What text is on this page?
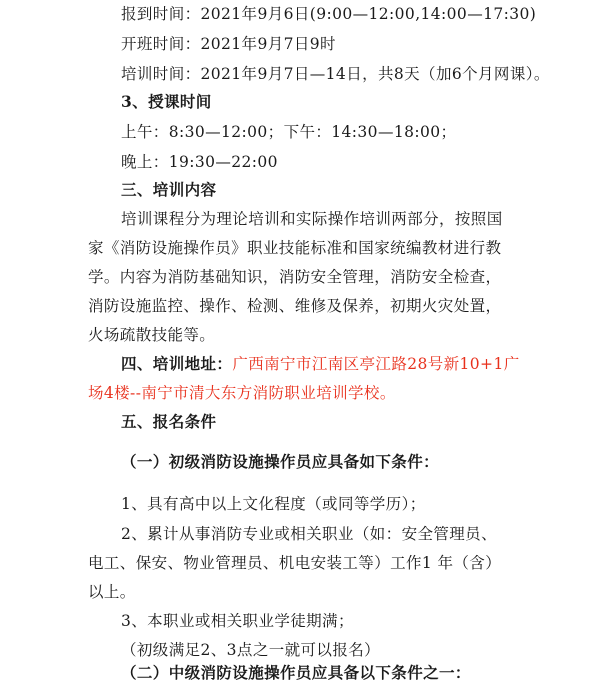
报到时间：2021年9月6日(9:00—12:00,14:00—17:30)
开班时间：2021年9月7日9时
培训时间：2021年9月7日—14日，共8天（加6个月网课）。
3、授课时间
上午：8:30—12:00；下午：14:30—18:00；
晚上：19:30—22:00
三、培训内容
培训课程分为理论培训和实际操作培训两部分，按照国
家《消防设施操作员》职业技能标准和国家统编教材进行教
学。内容为消防基础知识，消防安全管理，消防安全检查，
消防设施监控、操作、检测、维修及保养，初期火灾处置，
火场疏散技能等。
四、培训地址：广西南宁市江南区亭江路28号新10+1广
场4楼--南宁市清大东方消防职业培训学校。
五、报名条件
（一）初级消防设施操作员应具备如下条件：
1、具有高中以上文化程度（或同等学历）；
2、累计从事消防专业或相关职业（如：安全管理员、
电工、保安、物业管理员、机电安装工等）工作1 年（含）
以上。
3、本职业或相关职业学徒期满；
（初级满足2、3点之一就可以报名）
（二）中级消防设施操作员应具备以下条件之一：
